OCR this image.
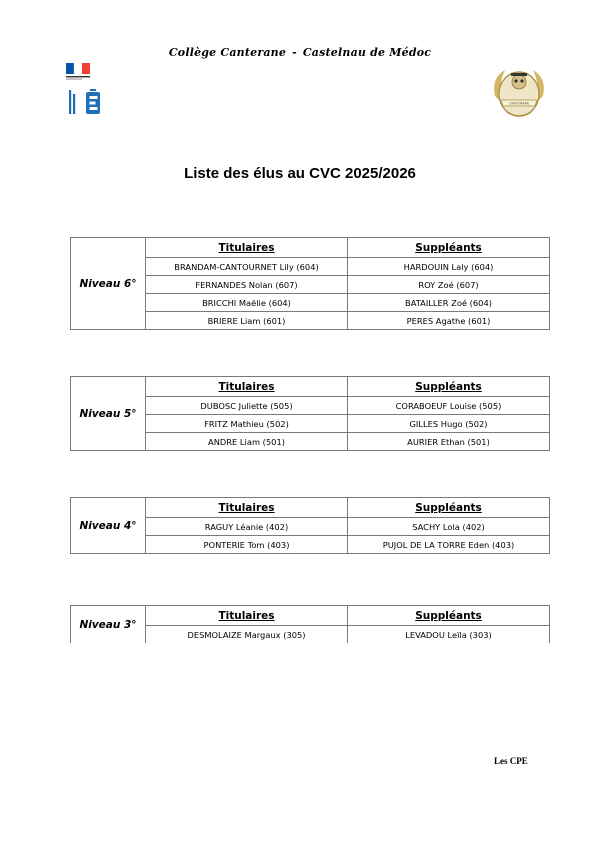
Collège Canterane - Castelnau de Médoc
CANTERANE
Liste des élus au CVC 2025/2026
Niveau 6°	Titulaires	Suppléants
	BRANDAM-CANTOURNET Lily (604)	HARDOUIN Laly (604)
	FERNANDES Nolan (607)	ROY Zoé (607)
	BRICCHI Maëlie (604)	BATAILLER Zoé (604)
	BRIERE Liam (601)	PERES Agathe (601)
Niveau 5°	Titulaires	Suppléants
	DUBOSC Juliette (505)	CORABOEUF Louise (505)
	FRITZ Mathieu (502)	GILLES Hugo (502)
	ANDRE Liam (501)	AURIER Ethan (501)
Niveau 4°	Titulaires	Suppléants
	RAGUY Léanie (402)	SACHY Lola (402)
	PONTERIE Tom (403)	PUJOL DE LA TORRE Eden (403)
Niveau 3°	Titulaires	Suppléants
	DESMOLAIZE Margaux (305)	LEVADOU Leïla (303)
Les CPE
